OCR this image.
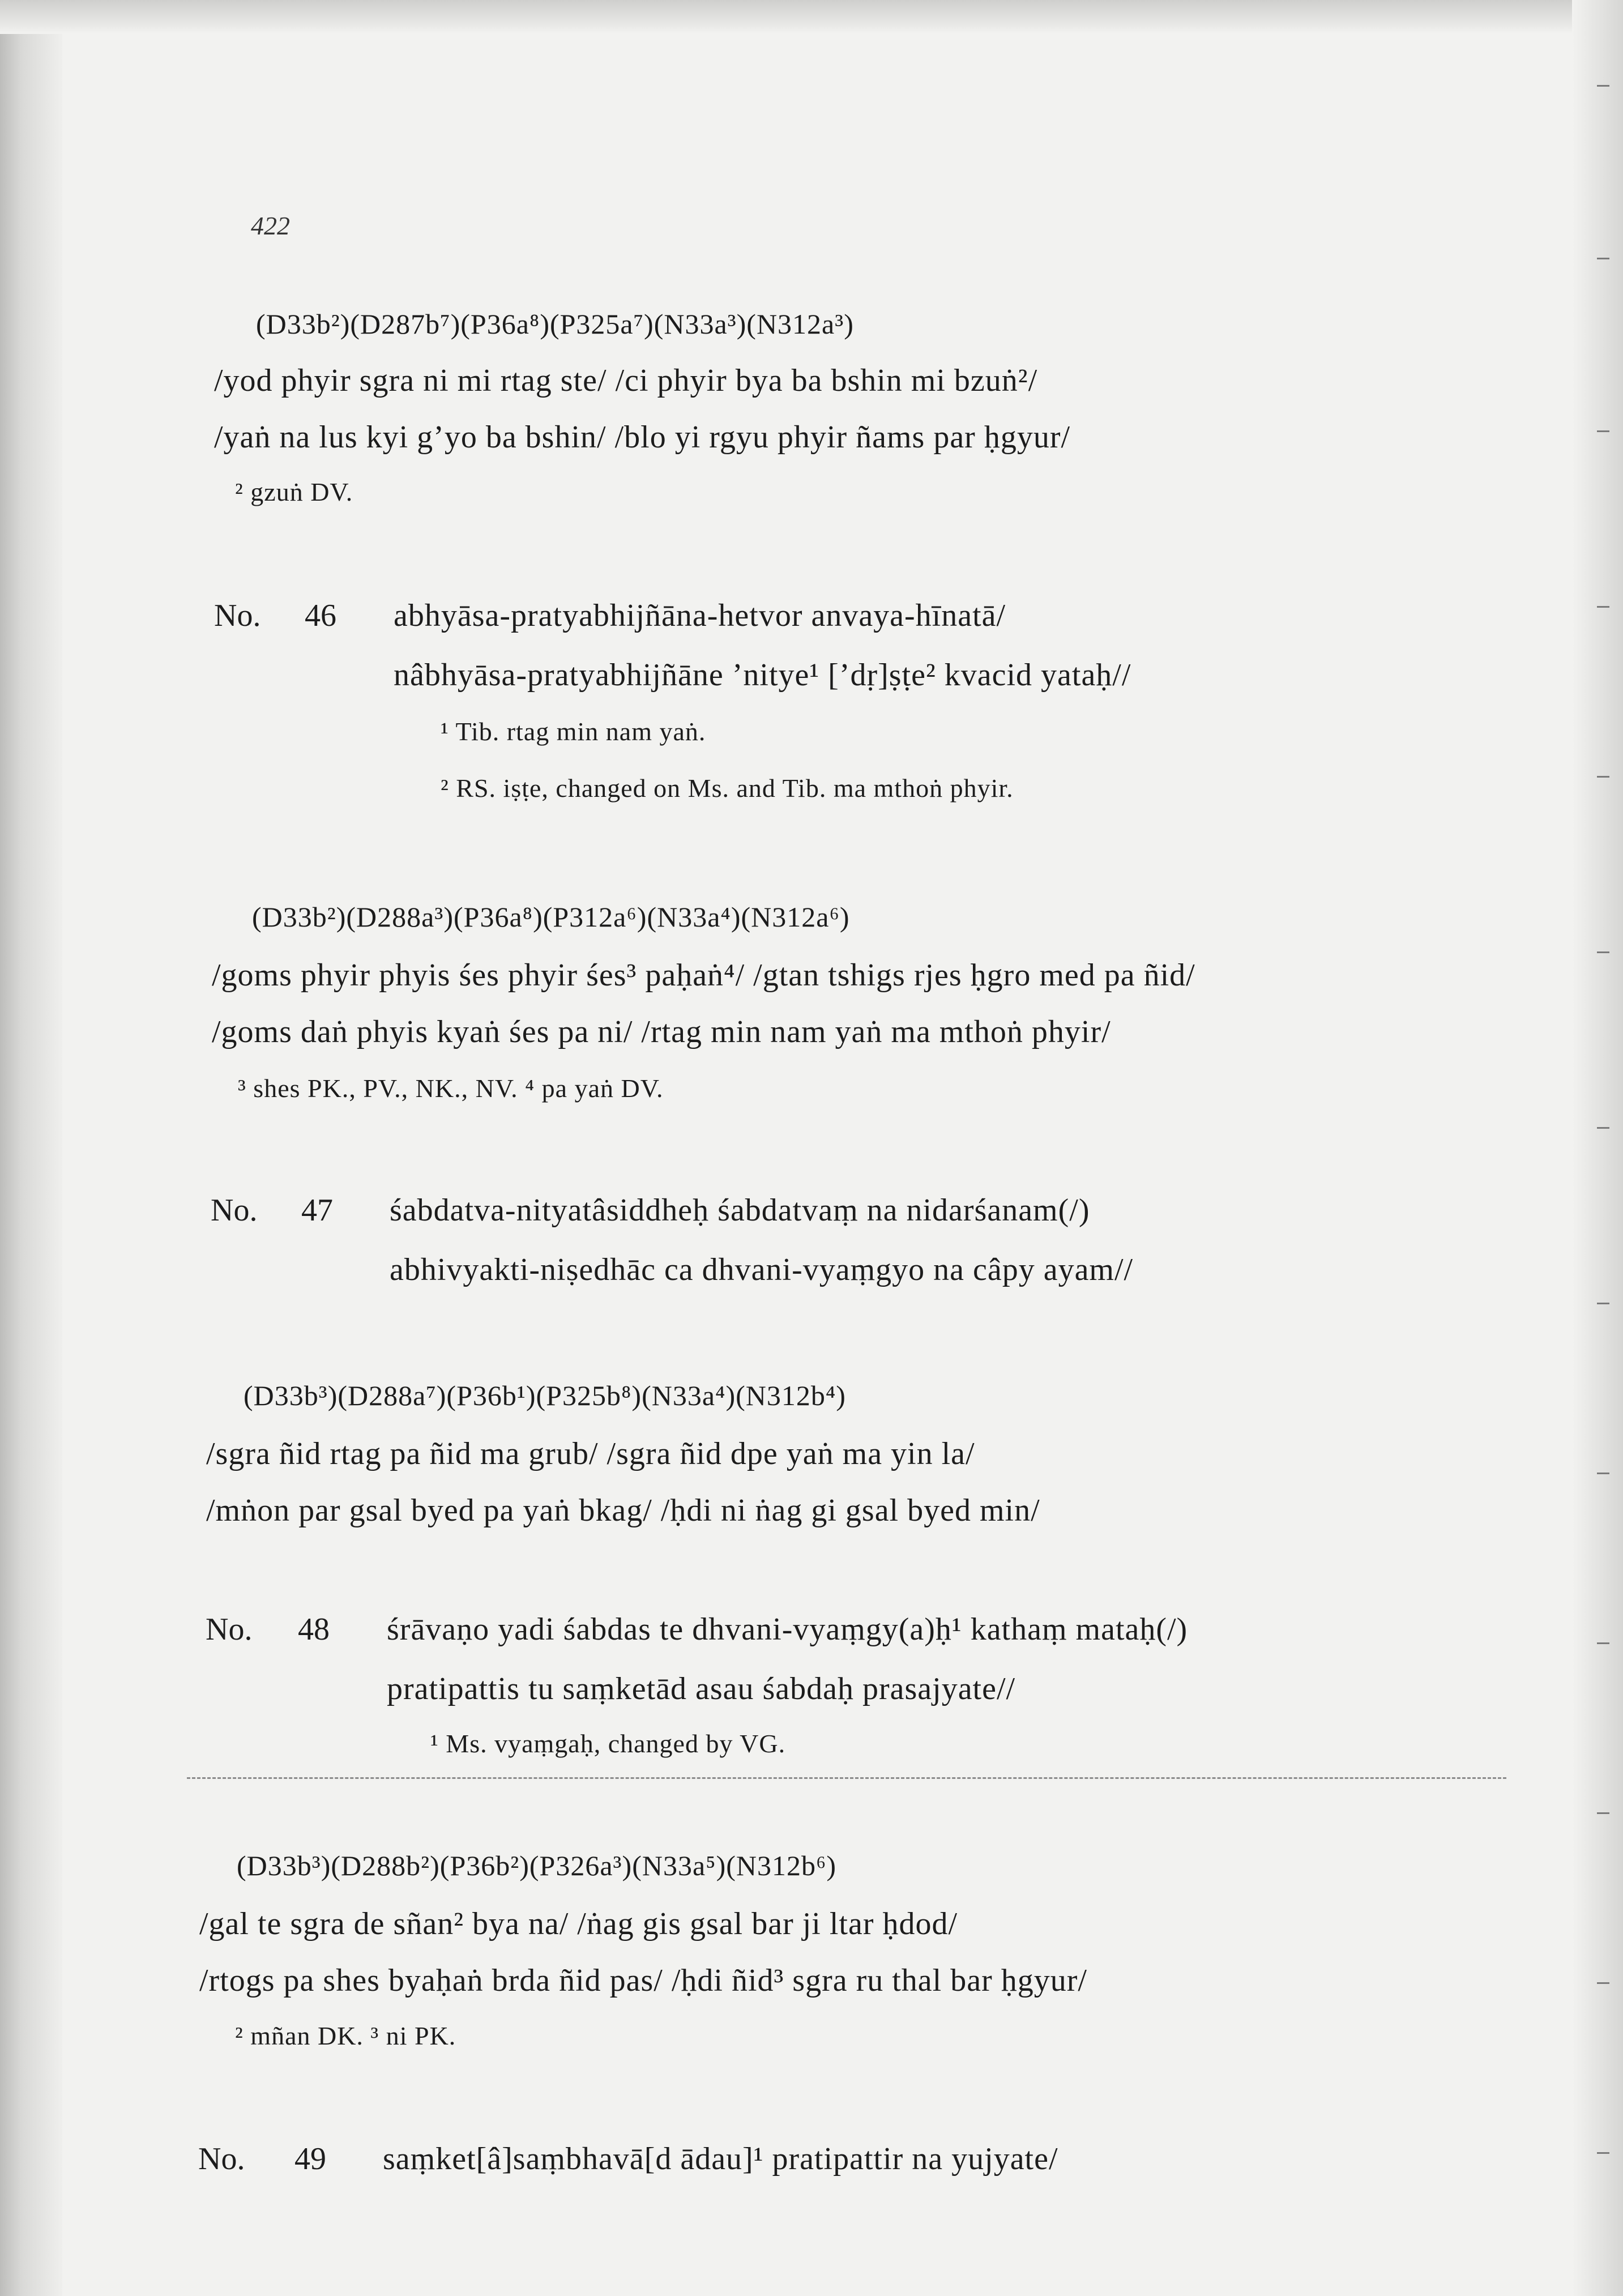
422
(D33b²)(D287b⁷)(P36a⁸)(P325a⁷)(N33a³)(N312a³)
/yod phyir sgra ni mi rtag ste/ /ci phyir bya ba bshin mi bzuṅ²/
/yaṅ na lus kyi g’yo ba bshin/ /blo yi rgyu phyir ñams par ḥgyur/
² gzuṅ DV.
No. 46 abhyāsa-pratyabhijñāna-hetvor anvaya-hīnatā/
nâbhyāsa-pratyabhijñāne ’nitye¹ [’dṛ]ṣṭe² kvacid yataḥ//
¹ Tib. rtag min nam yaṅ.
² RS. iṣṭe, changed on Ms. and Tib. ma mthoṅ phyir.
(D33b²)(D288a³)(P36a⁸)(P312a⁶)(N33a⁴)(N312a⁶)
/goms phyir phyis śes phyir śes³ paḥaṅ⁴/ /gtan tshigs rjes ḥgro med pa ñid/
/goms daṅ phyis kyaṅ śes pa ni/ /rtag min nam yaṅ ma mthoṅ phyir/
³ shes PK., PV., NK., NV. ⁴ pa yaṅ DV.
No. 47 śabdatva-nityatâsiddheḥ śabdatvaṃ na nidarśanam(/)
abhivyakti-niṣedhāc ca dhvani-vyaṃgyo na câpy ayam//
(D33b³)(D288a⁷)(P36b¹)(P325b⁸)(N33a⁴)(N312b⁴)
/sgra ñid rtag pa ñid ma grub/ /sgra ñid dpe yaṅ ma yin la/
/mṅon par gsal byed pa yaṅ bkag/ /ḥdi ni ṅag gi gsal byed min/
No. 48 śrāvaṇo yadi śabdas te dhvani-vyaṃgy(a)ḥ¹ kathaṃ mataḥ(/)
pratipattis tu saṃketād asau śabdaḥ prasajyate//
¹ Ms. vyaṃgaḥ, changed by VG.
(D33b³)(D288b²)(P36b²)(P326a³)(N33a⁵)(N312b⁶)
/gal te sgra de sñan² bya na/ /ṅag gis gsal bar ji ltar ḥdod/
/rtogs pa shes byaḥaṅ brda ñid pas/ /ḥdi ñid³ sgra ru thal bar ḥgyur/
² mñan DK. ³ ni PK.
No. 49 saṃket[â]saṃbhavā[d ādau]¹ pratipattir na yujyate/
